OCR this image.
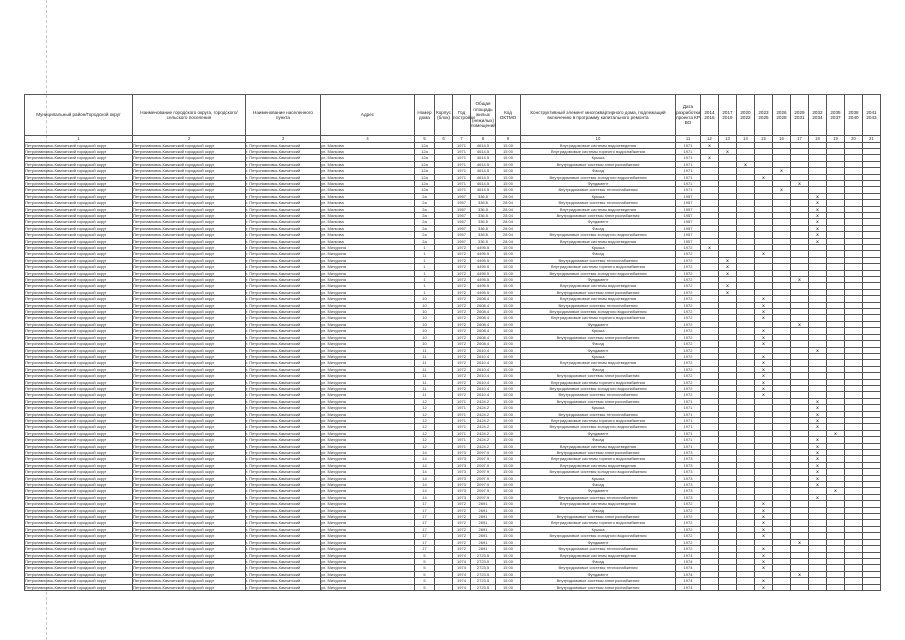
Муниципальный район/Городской округ	Наименование городского округа, городского/сельского поселения	Наименование населенного пункта	Адрес	Номер дома	Корпус (блок)	Год постройки	Общая площадь жилых (нежилых) помещений	Код ОКТМО	Конструктивный элемент многоквартирного дома, подлежащий включению в программу капитального ремонта	Дата разработки проекта КР ВО	2014 2016	2017 2019	2020 2022	2023 2025	2026 2028	2029 2031	2032 2034	2035 2037	2038 2040	2041 2043
1	2	3	4	5	6	7	8	9	10	11	12	13	14	15	16	17	18	19	20	21
Петропавловск-Камчатский городской округ	Петропавловск-Камчатский городской округ	г. Петропавловск-Камчатский	ул. Малкова	12а		1971	4614.5	15 00	Внутридомовые системы водоотведения	1971	X									
Петропавловск-Камчатский городской округ	Петропавловск-Камчатский городской округ	г. Петропавловск-Камчатский	ул. Малкова	12а		1971	4614.5	15 00	Внутридомовые системы горячего водоснабжения	1971		X								
Петропавловск-Камчатский городской округ	Петропавловск-Камчатский городской округ	г. Петропавловск-Камчатский	ул. Малкова	12а		1971	4614.5	15 00	Крыша	1971	X									
Петропавловск-Камчатский городской округ	Петропавловск-Камчатский городской округ	г. Петропавловск-Камчатский	ул. Малкова	12а		1971	4614.5	15 00	Внутридомовые системы электроснабжения	1971			X							
Петропавловск-Камчатский городской округ	Петропавловск-Камчатский городской округ	г. Петропавловск-Камчатский	ул. Малкова	12а		1971	4614.5	15 00	Фасад	1971					X					
Петропавловск-Камчатский городской округ	Петропавловск-Камчатский городской округ	г. Петропавловск-Камчатский	ул. Малкова	12а		1971	4614.5	15 00	Внутридомовые системы холодного водоснабжения	1971				X						
Петропавловск-Камчатский городской округ	Петропавловск-Камчатский городской округ	г. Петропавловск-Камчатский	ул. Малкова	12а		1971	4614.5	15 00	Фундамент	1971						X				
Петропавловск-Камчатский городской округ	Петропавловск-Камчатский городской округ	г. Петропавловск-Камчатский	ул. Малкова	12а		1971	4614.5	15 00	Внутридомовые системы теплоснабжения	1971					X					
Петропавловск-Камчатский городской округ	Петропавловск-Камчатский городской округ	г. Петропавловск-Камчатский	ул. Малкова	2а		1957	336.5	28 04	Крыша	1957							X			
Петропавловск-Камчатский городской округ	Петропавловск-Камчатский городской округ	г. Петропавловск-Камчатский	ул. Малкова	2а		1957	336.5	28 04	Внутридомовые системы теплоснабжения	1957							X			
Петропавловск-Камчатский городской округ	Петропавловск-Камчатский городской округ	г. Петропавловск-Камчатский	ул. Малкова	2а		1957	336.5	28 04	Внутридомовые системы водоотведения	1957							X			
Петропавловск-Камчатский городской округ	Петропавловск-Камчатский городской округ	г. Петропавловск-Камчатский	ул. Малкова	2а		1957	336.5	28 04	Внутридомовые системы электроснабжения	1957							X			
Петропавловск-Камчатский городской округ	Петропавловск-Камчатский городской округ	г. Петропавловск-Камчатский	ул. Малкова	2а		1957	336.5	28 04	Фундамент	1957							X			
Петропавловск-Камчатский городской округ	Петропавловск-Камчатский городской округ	г. Петропавловск-Камчатский	ул. Малкова	2а		1957	336.5	28 04	Фасад	1957							X			
Петропавловск-Камчатский городской округ	Петропавловск-Камчатский городской округ	г. Петропавловск-Камчатский	ул. Малкова	2а		1957	336.5	28 04	Внутридомовые системы холодного водоснабжения	1957							X			
Петропавловск-Камчатский городской округ	Петропавловск-Камчатский городской округ	г. Петропавловск-Камчатский	ул. Малкова	2а		1957	336.5	28 04	Внутридомовые системы водоотведения	1957							X			
Петропавловск-Камчатский городской округ	Петропавловск-Камчатский городской округ	г. Петропавловск-Камчатский	ул. Мичурина	1		1972	4495.5	15 00	Крыша	1972	X									
Петропавловск-Камчатский городской округ	Петропавловск-Камчатский городской округ	г. Петропавловск-Камчатский	ул. Мичурина	1		1972	4495.5	15 00	Фасад	1972				X						
Петропавловск-Камчатский городской округ	Петропавловск-Камчатский городской округ	г. Петропавловск-Камчатский	ул. Мичурина	1		1972	4495.5	15 00	Внутридомовые системы теплоснабжения	1972		X								
Петропавловск-Камчатский городской округ	Петропавловск-Камчатский городской округ	г. Петропавловск-Камчатский	ул. Мичурина	1		1972	4495.5	15 00	Внутридомовые системы горячего водоснабжения	1972		X								
Петропавловск-Камчатский городской округ	Петропавловск-Камчатский городской округ	г. Петропавловск-Камчатский	ул. Мичурина	1		1972	4495.5	15 00	Внутридомовые системы холодного водоснабжения	1972		X								
Петропавловск-Камчатский городской округ	Петропавловск-Камчатский городской округ	г. Петропавловск-Камчатский	ул. Мичурина	1		1972	4495.5	15 00	Фундамент	1972						X				
Петропавловск-Камчатский городской округ	Петропавловск-Камчатский городской округ	г. Петропавловск-Камчатский	ул. Мичурина	1		1972	4495.5	15 00	Внутридомовые системы водоотведения	1972		X								
Петропавловск-Камчатский городской округ	Петропавловск-Камчатский городской округ	г. Петропавловск-Камчатский	ул. Мичурина	1		1972	4495.5	15 00	Внутридомовые системы электроснабжения	1972		X								
Петропавловск-Камчатский городской округ	Петропавловск-Камчатский городской округ	г. Петропавловск-Камчатский	ул. Мичурина	10		1972	2608.4	15 00	Внутридомовые системы водоотведения	1972				X						
Петропавловск-Камчатский городской округ	Петропавловск-Камчатский городской округ	г. Петропавловск-Камчатский	ул. Мичурина	10		1972	2608.4	15 00	Внутридомовые системы теплоснабжения	1972				X						
Петропавловск-Камчатский городской округ	Петропавловск-Камчатский городской округ	г. Петропавловск-Камчатский	ул. Мичурина	10		1972	2608.4	15 00	Внутридомовые системы холодного водоснабжения	1972				X						
Петропавловск-Камчатский городской округ	Петропавловск-Камчатский городской округ	г. Петропавловск-Камчатский	ул. Мичурина	10		1972	2608.4	15 00	Внутридомовые системы горячего водоснабжения	1972				X						
Петропавловск-Камчатский городской округ	Петропавловск-Камчатский городской округ	г. Петропавловск-Камчатский	ул. Мичурина	10		1972	2608.4	15 00	Фундамент	1972						X				
Петропавловск-Камчатский городской округ	Петропавловск-Камчатский городской округ	г. Петропавловск-Камчатский	ул. Мичурина	10		1972	2608.4	15 00	Крыша	1972				X						
Петропавловск-Камчатский городской округ	Петропавловск-Камчатский городской округ	г. Петропавловск-Камчатский	ул. Мичурина	10		1972	2608.4	15 00	Внутридомовые системы электроснабжения	1972				X						
Петропавловск-Камчатский городской округ	Петропавловск-Камчатский городской округ	г. Петропавловск-Камчатский	ул. Мичурина	10		1972	2608.4	15 00	Фасад	1972				X						
Петропавловск-Камчатский городской округ	Петропавловск-Камчатский городской округ	г. Петропавловск-Камчатский	ул. Мичурина	11		1972	2610.4	15 00	Фундамент	1972							X			
Петропавловск-Камчатский городской округ	Петропавловск-Камчатский городской округ	г. Петропавловск-Камчатский	ул. Мичурина	11		1972	2610.4	15 00	Крыша	1972				X						
Петропавловск-Камчатский городской округ	Петропавловск-Камчатский городской округ	г. Петропавловск-Камчатский	ул. Мичурина	11		1972	2610.4	15 00	Внутридомовые системы водоотведения	1972				X						
Петропавловск-Камчатский городской округ	Петропавловск-Камчатский городской округ	г. Петропавловск-Камчатский	ул. Мичурина	11		1972	2610.4	15 00	Фасад	1972				X						
Петропавловск-Камчатский городской округ	Петропавловск-Камчатский городской округ	г. Петропавловск-Камчатский	ул. Мичурина	11		1972	2610.4	15 00	Внутридомовые системы электроснабжения	1972				X						
Петропавловск-Камчатский городской округ	Петропавловск-Камчатский городской округ	г. Петропавловск-Камчатский	ул. Мичурина	11		1972	2610.4	15 00	Внутридомовые системы горячего водоснабжения	1972				X						
Петропавловск-Камчатский городской округ	Петропавловск-Камчатский городской округ	г. Петропавловск-Камчатский	ул. Мичурина	11		1972	2610.4	15 00	Внутридомовые системы холодного водоснабжения	1972				X						
Петропавловск-Камчатский городской округ	Петропавловск-Камчатский городской округ	г. Петропавловск-Камчатский	ул. Мичурина	11		1972	2610.4	15 00	Внутридомовые системы теплоснабжения	1972				X						
Петропавловск-Камчатский городской округ	Петропавловск-Камчатский городской округ	г. Петропавловск-Камчатский	ул. Мичурина	12		1971	2424.2	15 00	Внутридомовые системы электроснабжения	1971							X			
Петропавловск-Камчатский городской округ	Петропавловск-Камчатский городской округ	г. Петропавловск-Камчатский	ул. Мичурина	12		1971	2424.2	15 00	Крыша	1971							X			
Петропавловск-Камчатский городской округ	Петропавловск-Камчатский городской округ	г. Петропавловск-Камчатский	ул. Мичурина	12		1971	2424.2	15 00	Внутридомовые системы теплоснабжения	1971							X			
Петропавловск-Камчатский городской округ	Петропавловск-Камчатский городской округ	г. Петропавловск-Камчатский	ул. Мичурина	12		1971	2424.2	15 00	Внутридомовые системы горячего водоснабжения	1971							X			
Петропавловск-Камчатский городской округ	Петропавловск-Камчатский городской округ	г. Петропавловск-Камчатский	ул. Мичурина	12		1971	2424.2	15 00	Внутридомовые системы холодного водоснабжения	1971							X			
Петропавловск-Камчатский городской округ	Петропавловск-Камчатский городской округ	г. Петропавловск-Камчатский	ул. Мичурина	12		1971	2424.2	15 00	Фундамент	1971								X		
Петропавловск-Камчатский городской округ	Петропавловск-Камчатский городской округ	г. Петропавловск-Камчатский	ул. Мичурина	12		1971	2424.2	15 00	Фасад	1971							X			
Петропавловск-Камчатский городской округ	Петропавловск-Камчатский городской округ	г. Петропавловск-Камчатский	ул. Мичурина	12		1971	2424.2	15 00	Внутридомовые системы водоотведения	1971							X			
Петропавловск-Камчатский городской округ	Петропавловск-Камчатский городской округ	г. Петропавловск-Камчатский	ул. Мичурина	14		1973	2097.9	15 00	Внутридомовые системы электроснабжения	1973							X			
Петропавловск-Камчатский городской округ	Петропавловск-Камчатский городской округ	г. Петропавловск-Камчатский	ул. Мичурина	14		1973	2097.9	15 00	Внутридомовые системы горячего водоснабжения	1973							X			
Петропавловск-Камчатский городской округ	Петропавловск-Камчатский городской округ	г. Петропавловск-Камчатский	ул. Мичурина	14		1973	2097.9	15 00	Внутридомовые системы водоотведения	1973							X			
Петропавловск-Камчатский городской округ	Петропавловск-Камчатский городской округ	г. Петропавловск-Камчатский	ул. Мичурина	14		1973	2097.9	15 00	Внутридомовые системы холодного водоснабжения	1973							X			
Петропавловск-Камчатский городской округ	Петропавловск-Камчатский городской округ	г. Петропавловск-Камчатский	ул. Мичурина	14		1973	2097.9	15 00	Крыша	1973							X			
Петропавловск-Камчатский городской округ	Петропавловск-Камчатский городской округ	г. Петропавловск-Камчатский	ул. Мичурина	14		1973	2097.9	15 00	Фасад	1973							X			
Петропавловск-Камчатский городской округ	Петропавловск-Камчатский городской округ	г. Петропавловск-Камчатский	ул. Мичурина	14		1973	2097.9	15 00	Фундамент	1973								X		
Петропавловск-Камчатский городской округ	Петропавловск-Камчатский городской округ	г. Петропавловск-Камчатский	ул. Мичурина	14		1973	2097.9	15 00	Внутридомовые системы теплоснабжения	1973							X			
Петропавловск-Камчатский городской округ	Петропавловск-Камчатский городской округ	г. Петропавловск-Камчатский	ул. Мичурина	17		1972	2691	15 00	Внутридомовые системы водоотведения	1972				X						
Петропавловск-Камчатский городской округ	Петропавловск-Камчатский городской округ	г. Петропавловск-Камчатский	ул. Мичурина	17		1972	2691	15 00	Фасад	1972				X						
Петропавловск-Камчатский городской округ	Петропавловск-Камчатский городской округ	г. Петропавловск-Камчатский	ул. Мичурина	17		1972	2691	15 00	Внутридомовые системы электроснабжения	1972				X						
Петропавловск-Камчатский городской округ	Петропавловск-Камчатский городской округ	г. Петропавловск-Камчатский	ул. Мичурина	17		1972	2691	15 00	Внутридомовые системы горячего водоснабжения	1972				X						
Петропавловск-Камчатский городской округ	Петропавловск-Камчатский городской округ	г. Петропавловск-Камчатский	ул. Мичурина	17		1972	2691	15 00	Крыша	1972				X						
Петропавловск-Камчатский городской округ	Петропавловск-Камчатский городской округ	г. Петропавловск-Камчатский	ул. Мичурина	17		1972	2691	15 00	Внутридомовые системы холодного водоснабжения	1972				X						
Петропавловск-Камчатский городской округ	Петропавловск-Камчатский городской округ	г. Петропавловск-Камчатский	ул. Мичурина	17		1972	2691	15 00	Фундамент	1972						X				
Петропавловск-Камчатский городской округ	Петропавловск-Камчатский городской округ	г. Петропавловск-Камчатский	ул. Мичурина	17		1972	2691	15 00	Внутридомовые системы теплоснабжения	1972				X						
Петропавловск-Камчатский городской округ	Петропавловск-Камчатский городской округ	г. Петропавловск-Камчатский	ул. Мичурина	5		1974	2723.5	15 00	Внутридомовые системы водоотведения	1974				X						
Петропавловск-Камчатский городской округ	Петропавловск-Камчатский городской округ	г. Петропавловск-Камчатский	ул. Мичурина	5		1974	2723.5	15 00	Фасад	1974				X						
Петропавловск-Камчатский городской округ	Петропавловск-Камчатский городской округ	г. Петропавловск-Камчатский	ул. Мичурина	5		1974	2723.5	15 00	Внутридомовые системы теплоснабжения	1974				X						
Петропавловск-Камчатский городской округ	Петропавловск-Камчатский городской округ	г. Петропавловск-Камчатский	ул. Мичурина	5		1974	2723.5	15 00	Фундамент	1974						X				
Петропавловск-Камчатский городской округ	Петропавловск-Камчатский городской округ	г. Петропавловск-Камчатский	ул. Мичурина	5		1974	2723.5	15 00	Внутридомовые системы электроснабжения	1974				X						
Петропавловск-Камчатский городской округ	Петропавловск-Камчатский городской округ	г. Петропавловск-Камчатский	ул. Мичурина	5		1974	2723.5	15 00	Внутридомовые системы электроснабжения	1974				X						
